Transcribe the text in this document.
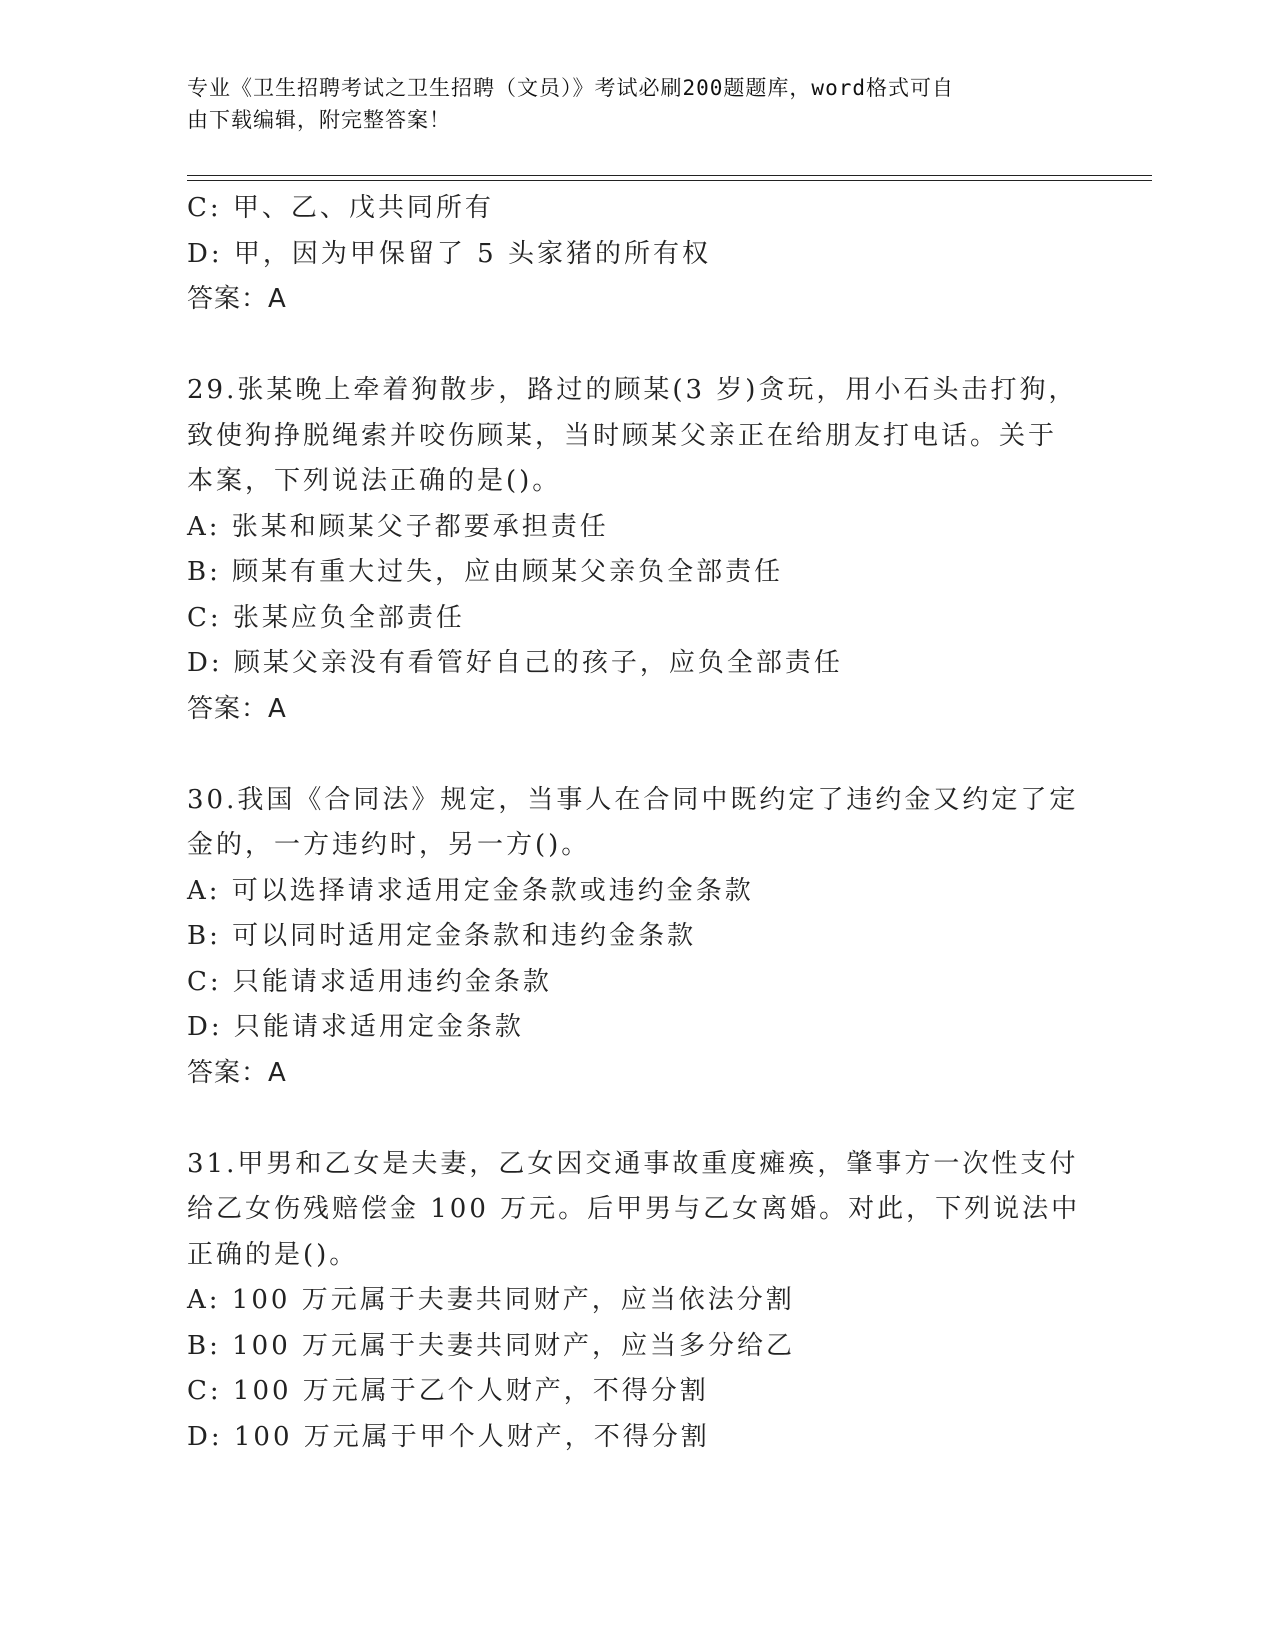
专业《卫生招聘考试之卫生招聘（文员）》考试必刷200题题库，word格式可自
由下载编辑，附完整答案！
C: 甲、乙、戊共同所有
D: 甲，因为甲保留了 5 头家猪的所有权
答案：A
29.张某晚上牵着狗散步，路过的顾某(3 岁)贪玩，用小石头击打狗，
致使狗挣脱绳索并咬伤顾某，当时顾某父亲正在给朋友打电话。关于
本案，下列说法正确的是()。
A: 张某和顾某父子都要承担责任
B: 顾某有重大过失，应由顾某父亲负全部责任
C: 张某应负全部责任
D: 顾某父亲没有看管好自己的孩子，应负全部责任
答案：A
30.我国《合同法》规定，当事人在合同中既约定了违约金又约定了定
金的，一方违约时，另一方()。
A: 可以选择请求适用定金条款或违约金条款
B: 可以同时适用定金条款和违约金条款
C: 只能请求适用违约金条款
D: 只能请求适用定金条款
答案：A
31.甲男和乙女是夫妻，乙女因交通事故重度瘫痪，肇事方一次性支付
给乙女伤残赔偿金 100 万元。后甲男与乙女离婚。对此，下列说法中
正确的是()。
A: 100 万元属于夫妻共同财产，应当依法分割
B: 100 万元属于夫妻共同财产，应当多分给乙
C: 100 万元属于乙个人财产，不得分割
D: 100 万元属于甲个人财产，不得分割
